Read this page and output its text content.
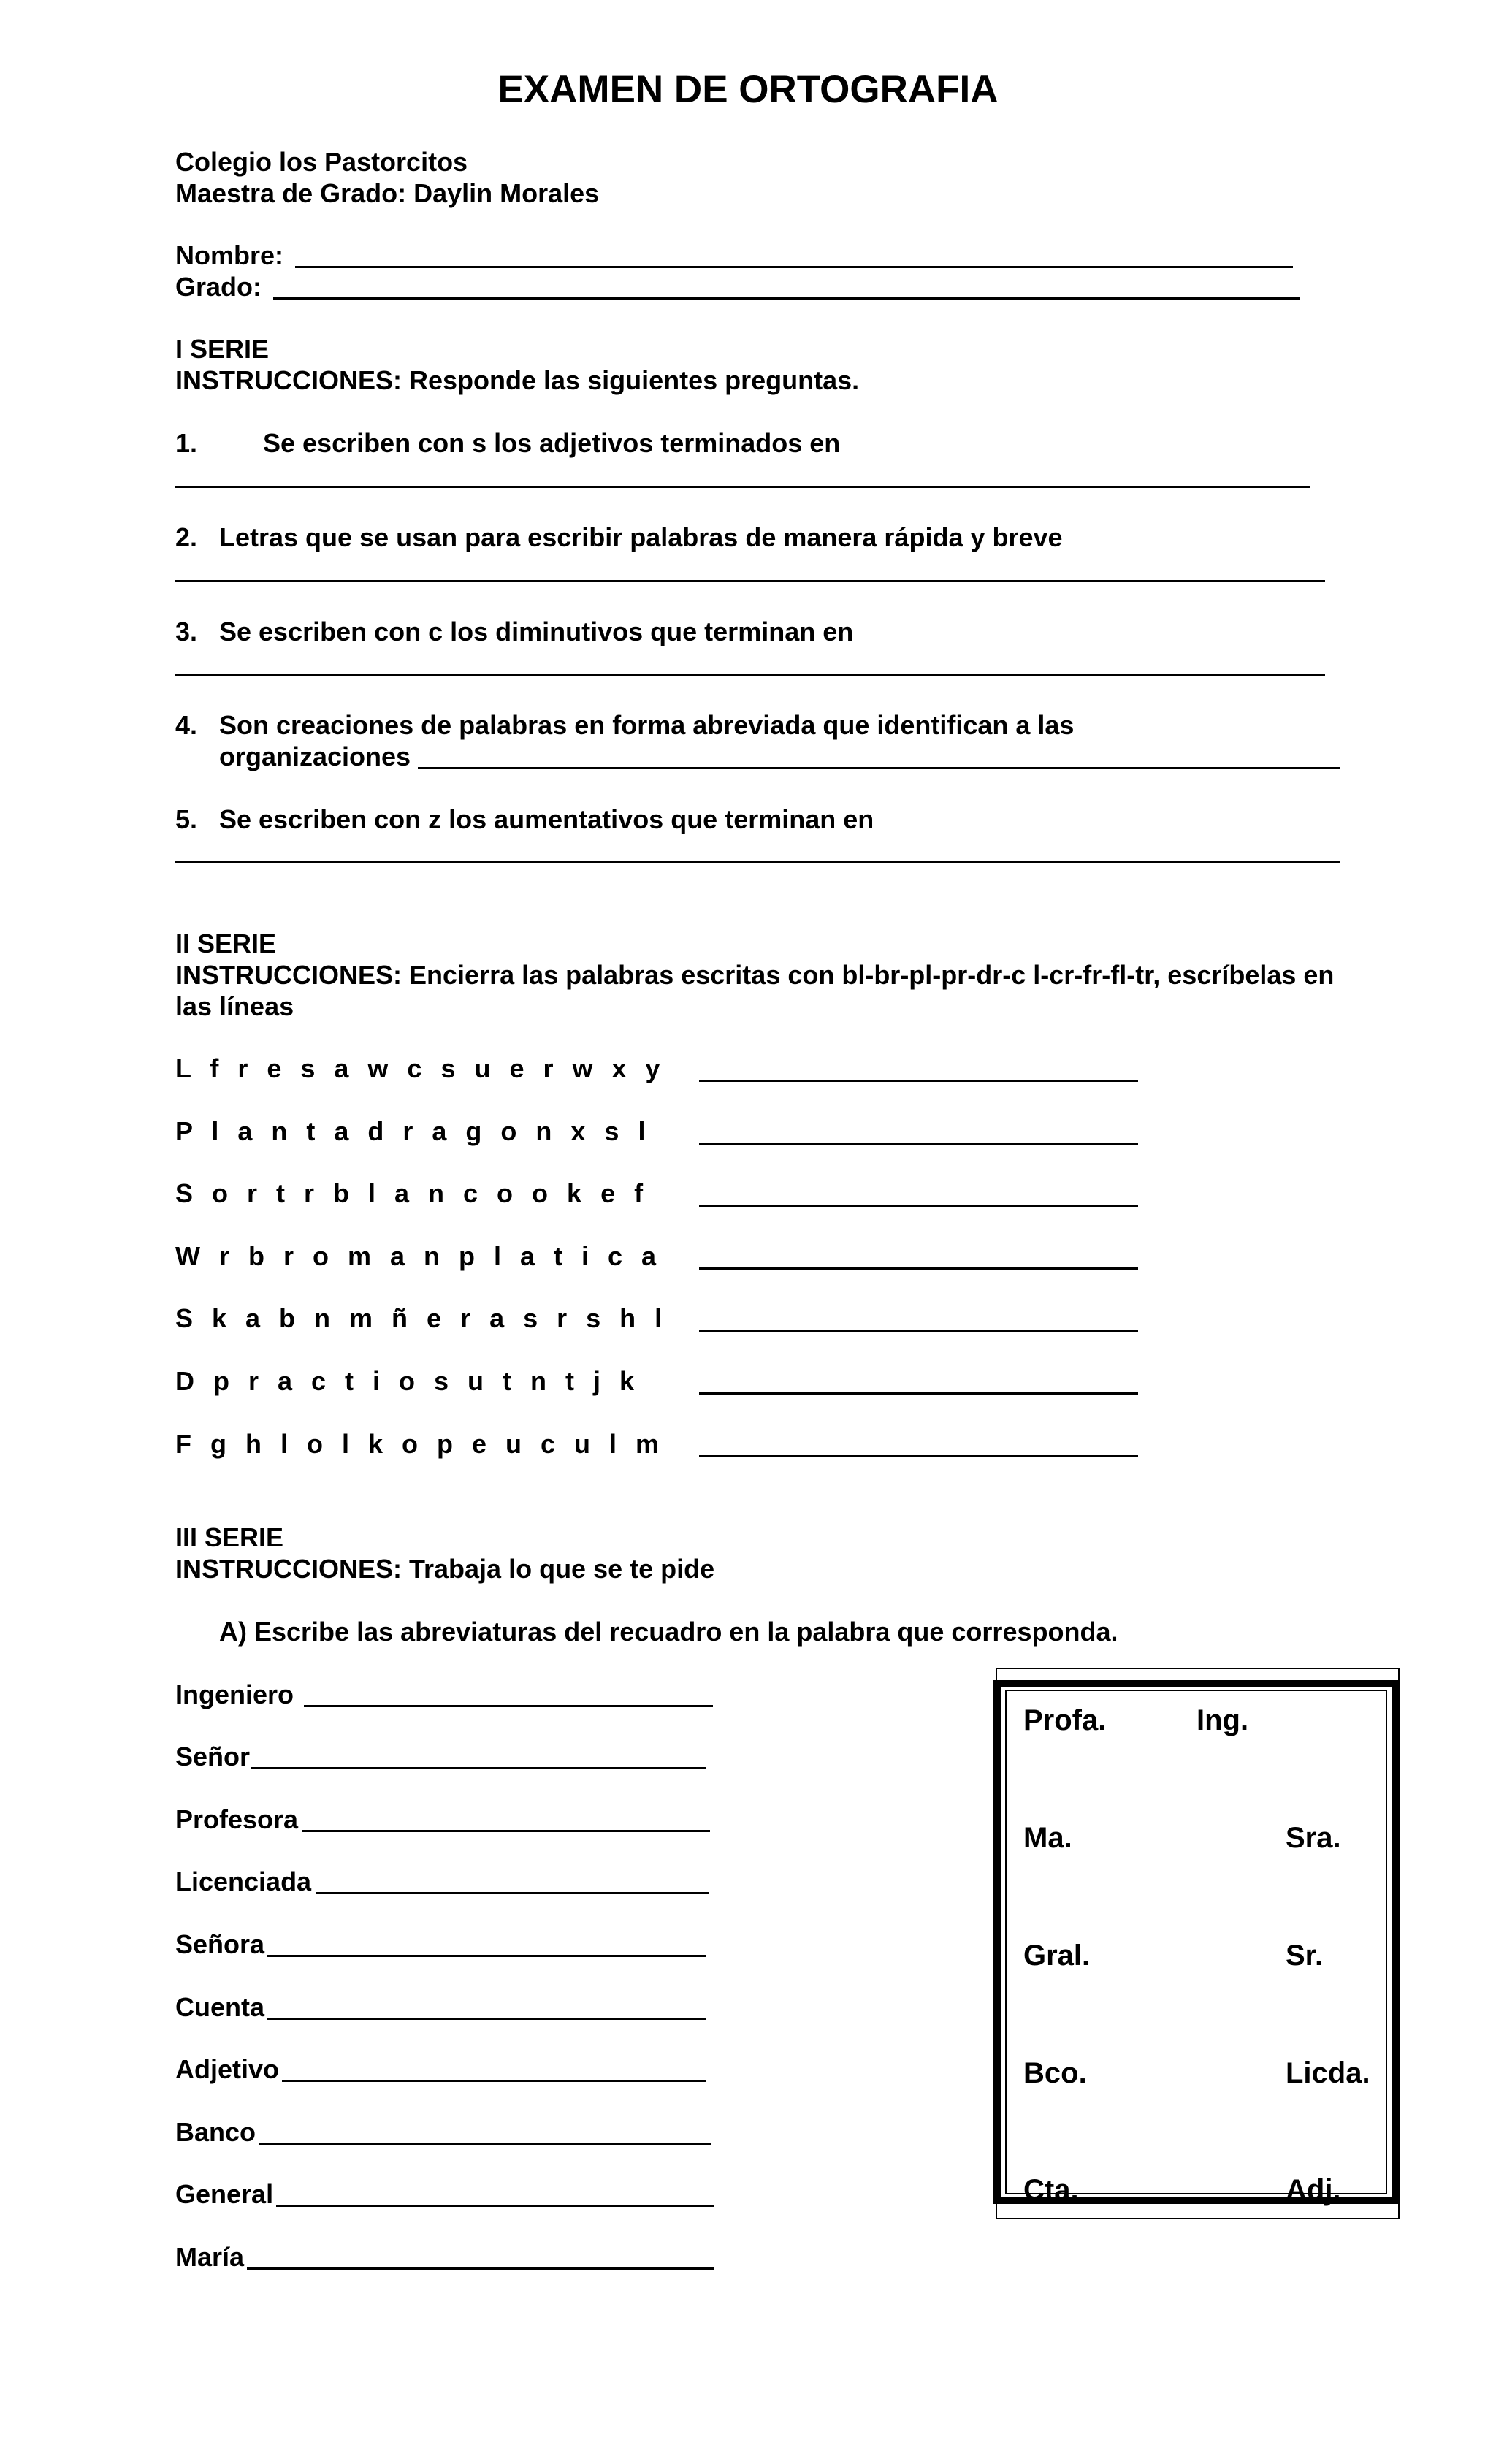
EXAMEN DE ORTOGRAFIA
Colegio los Pastorcitos
Maestra de Grado: Daylin Morales
Nombre:
Grado:
I SERIE
INSTRUCCIONES: Responde las siguientes preguntas.
1. Se escriben con s los adjetivos terminados en
2. Letras que se usan para escribir palabras de manera rápida y breve
3. Se escriben con c los diminutivos que terminan en
4. Son creaciones de palabras en forma abreviada que identifican a las
organizaciones
5. Se escriben con z los aumentativos que terminan en
II SERIE
INSTRUCCIONES: Encierra las palabras escritas con bl-br-pl-pr-dr-c l-cr-fr-fl-tr, escríbelas en
las líneas
L f r e s a w c s u e r w x y
P l a n t a d r a g o n x s l
S o r t r b l a n c o o k e f
W r b r o m a n p l a t i c a
S k a b n m ñ e r a s r s h l
D p r a c t i o s u t n t j k
F g h l o l k o p e u c u l m
III SERIE
INSTRUCCIONES: Trabaja lo que se te pide
A) Escribe las abreviaturas del recuadro en la palabra que corresponda.
Ingeniero
Señor
Profesora
Licenciada
Señora
Cuenta
Adjetivo
Banco
General
María
Profa.	Ing.
Ma.	Sra.
Gral.	Sr.
Bco.	Licda.
Cta.	Adj.
